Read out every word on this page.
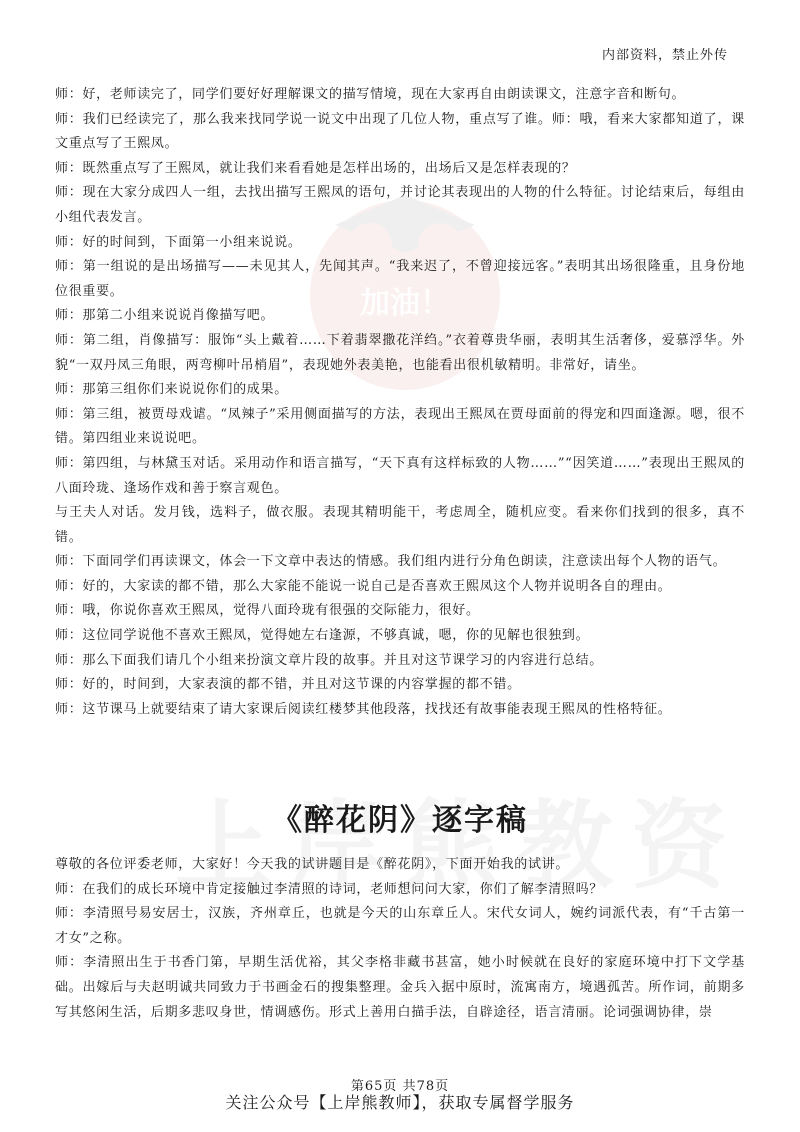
加油！
内部资料，禁止外传

师：好，老师读完了，同学们要好好理解课文的描写情境，现在大家再自由朗读课文，注意字音和断句。

师：我们已经读完了，那么我来找同学说一说文中出现了几位人物，重点写了谁。师：哦，看来大家都知道了，课文重点写了王熙凤。

师：既然重点写了王熙凤，就让我们来看看她是怎样出场的，出场后又是怎样表现的？

师：现在大家分成四人一组，去找出描写王熙凤的语句，并讨论其表现出的人物的什么特征。讨论结束后，每组由小组代表发言。

师：好的时间到，下面第一小组来说说。

师：第一组说的是出场描写——未见其人，先闻其声。“我来迟了，不曾迎接远客。”表明其出场很隆重，且身份地位很重要。

师：那第二小组来说说肖像描写吧。

师：第二组，肖像描写：服饰“头上戴着……下着翡翠撒花洋绉。”衣着尊贵华丽，表明其生活奢侈，爱慕浮华。外貌“一双丹凤三角眼，两弯柳叶吊梢眉”，表现她外表美艳，也能看出很机敏精明。非常好，请坐。

师：那第三组你们来说说你们的成果。

师：第三组，被贾母戏谑。“凤辣子”采用侧面描写的方法，表现出王熙凤在贾母面前的得宠和四面逢源。嗯，很不错。第四组业来说说吧。

师：第四组，与林黛玉对话。采用动作和语言描写，“天下真有这样标致的人物……”“因笑道……”表现出王熙凤的八面玲珑、逢场作戏和善于察言观色。

与王夫人对话。发月钱，选料子，做衣服。表现其精明能干，考虑周全，随机应变。看来你们找到的很多，真不错。

师：下面同学们再读课文，体会一下文章中表达的情感。我们组内进行分角色朗读，注意读出每个人物的语气。

师：好的，大家读的都不错，那么大家能不能说一说自己是否喜欢王熙凤这个人物并说明各自的理由。

师：哦，你说你喜欢王熙凤，觉得八面玲珑有很强的交际能力，很好。

师：这位同学说他不喜欢王熙凤，觉得她左右逢源，不够真诚，嗯，你的见解也很独到。

师：那么下面我们请几个小组来扮演文章片段的故事。并且对这节课学习的内容进行总结。

师：好的，时间到，大家表演的都不错，并且对这节课的内容掌握的都不错。

师：这节课马上就要结束了请大家课后阅读红楼梦其他段落，找找还有故事能表现王熙凤的性格特征。

《醉花阴》逐字稿

尊敬的各位评委老师，大家好！今天我的试讲题目是《醉花阴》，下面开始我的试讲。

师：在我们的成长环境中肯定接触过李清照的诗词，老师想问问大家，你们了解李清照吗？

师：李清照号易安居士，汉族，齐州章丘，也就是今天的山东章丘人。宋代女词人，婉约词派代表，有“千古第一才女”之称。

师：李清照出生于书香门第，早期生活优裕，其父李格非藏书甚富，她小时候就在良好的家庭环境中打下文学基础。出嫁后与夫赵明诚共同致力于书画金石的搜集整理。金兵入据中原时，流寓南方，境遇孤苦。所作词，前期多写其悠闲生活，后期多悲叹身世，情调感伤。形式上善用白描手法，自辟途径，语言清丽。论词强调协律，崇

第65页 共78页
关注公众号【上岸熊教师】，获取专属督学服务
